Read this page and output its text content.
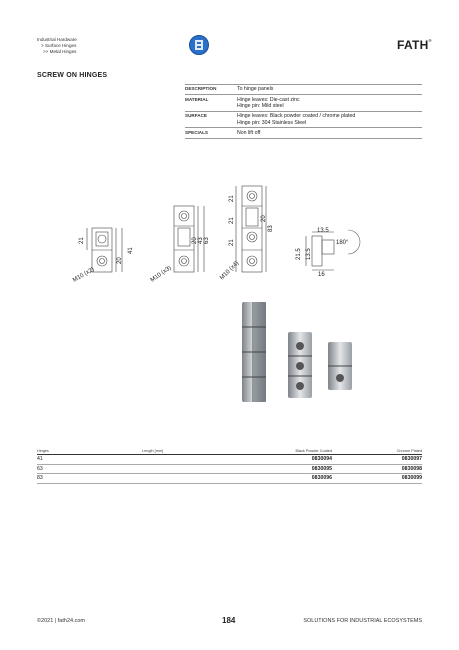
Industrial Hardware
> Surface Hinges
>> Metal Hinges	FATH®
SCREW ON HINGES
DESCRIPTION	To hinge panels
MATERIAL	Hinge leaves: Die-cast zinc
Hinge pin: Mild steel
SURFACE	Hinge leaves: Black powder coated / chrome plated
Hinge pin: 304 Stainless Steel
SPECIALS	Non lift off
21
20
41
M10 (x2)
20 43 63
M10 (x3)
21
21
21
20
83
M10 (x4)
13.5
21.5 13.5
16
180°
Hinges	Length [mm]	Black Powder Coated	Chrome Plated
41		0830094	0830097
63		0830095	0830098
83		0830096	0830099
©2021 | fath24.com	184	SOLUTIONS FOR INDUSTRIAL ECOSYSTEMS
